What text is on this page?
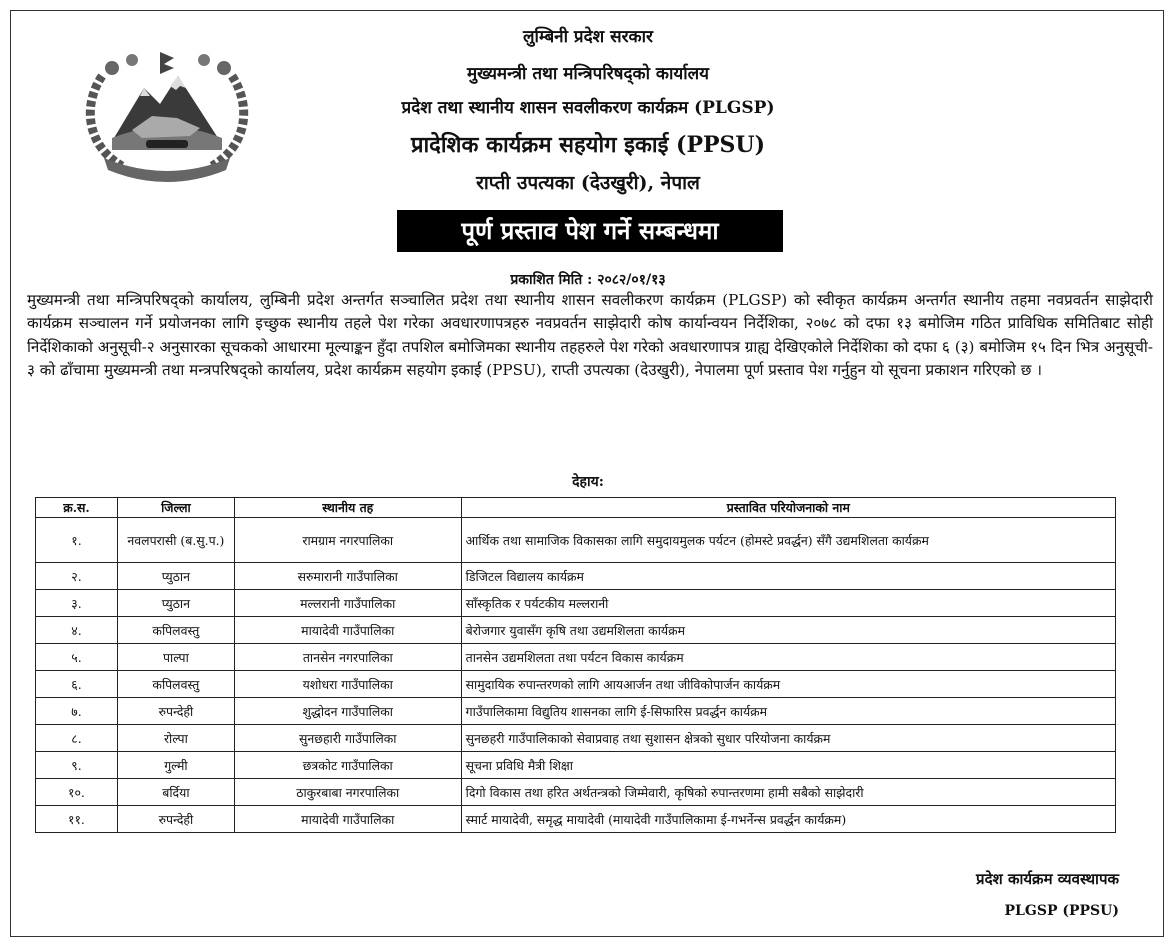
लुम्बिनी प्रदेश सरकार
मुख्यमन्त्री तथा मन्त्रिपरिषद्को कार्यालय
प्रदेश तथा स्थानीय शासन सवलीकरण कार्यक्रम (PLGSP)
प्रादेशिक कार्यक्रम सहयोग इकाई (PPSU)
राप्ती उपत्यका (देउखुरी), नेपाल
पूर्ण प्रस्ताव पेश गर्ने सम्बन्धमा
प्रकाशित मिति : २०८२/०१/१३
मुख्यमन्त्री तथा मन्त्रिपरिषद्को कार्यालय, लुम्बिनी प्रदेश अन्तर्गत सञ्चालित प्रदेश तथा स्थानीय शासन सवलीकरण कार्यक्रम (PLGSP) को स्वीकृत कार्यक्रम अन्तर्गत स्थानीय तहमा नवप्रवर्तन साझेदारी कार्यक्रम सञ्चालन गर्ने प्रयोजनका लागि इच्छुक स्थानीय तहले पेश गरेका अवधारणापत्रहरु नवप्रवर्तन साझेदारी कोष कार्यान्वयन निर्देशिका, २०७८ को दफा १३ बमोजिम गठित प्राविधिक समितिबाट सोही निर्देशिकाको अनुसूची-२ अनुसारका सूचकको आधारमा मूल्याङ्कन हुँदा तपशिल बमोजिमका स्थानीय तहहरुले पेश गरेको अवधारणापत्र ग्राह्य देखिएकोले निर्देशिका को दफा ६ (३) बमोजिम १५ दिन भित्र अनुसूची- ३ को ढाँचामा मुख्यमन्त्री तथा मन्त्रपरिषद्को कार्यालय, प्रदेश कार्यक्रम सहयोग इकाई (PPSU), राप्ती उपत्यका (देउखुरी), नेपालमा पूर्ण प्रस्ताव पेश गर्नुहुन यो सूचना प्रकाशन गरिएको छ ।
देहाय:
क्र.स.	जिल्ला	स्थानीय तह	प्रस्तावित परियोजनाको नाम
१.	नवलपरासी (ब.सु.प.)	रामग्राम नगरपालिका	आर्थिक तथा सामाजिक विकासका लागि समुदायमुलक पर्यटन (होमस्टे प्रवर्द्धन) सँगै उद्यमशिलता कार्यक्रम
२.	प्युठान	सरुमारानी गाउँपालिका	डिजिटल विद्यालय कार्यक्रम
३.	प्युठान	मल्लरानी गाउँपालिका	साँस्कृतिक र पर्यटकीय मल्लरानी
४.	कपिलवस्तु	मायादेवी गाउँपालिका	बेरोजगार युवासँग कृषि तथा उद्यमशिलता कार्यक्रम
५.	पाल्पा	तानसेन नगरपालिका	तानसेन उद्यमशिलता तथा पर्यटन विकास कार्यक्रम
६.	कपिलवस्तु	यशोधरा गाउँपालिका	सामुदायिक रुपान्तरणको लागि आयआर्जन तथा जीविकोपार्जन कार्यक्रम
७.	रुपन्देही	शुद्धोदन गाउँपालिका	गाउँपालिकामा विद्युतिय शासनका लागि ई-सिफारिस प्रवर्द्धन कार्यक्रम
८.	रोल्पा	सुनछहारी गाउँपालिका	सुनछहरी गाउँपालिकाको सेवाप्रवाह तथा सुशासन क्षेत्रको सुधार परियोजना कार्यक्रम
९.	गुल्मी	छत्रकोट गाउँपालिका	सूचना प्रविधि मैत्री शिक्षा
१०.	बर्दिया	ठाकुरबाबा नगरपालिका	दिगो विकास तथा हरित अर्थतन्त्रको जिम्मेवारी, कृषिको रुपान्तरणमा हामी सबैको साझेदारी
११.	रुपन्देही	मायादेवी गाउँपालिका	स्मार्ट मायादेवी, समृद्ध मायादेवी (मायादेवी गाउँपालिकामा ई-गभर्नेन्स प्रवर्द्धन कार्यक्रम)
प्रदेश कार्यक्रम व्यवस्थापक
PLGSP (PPSU)
